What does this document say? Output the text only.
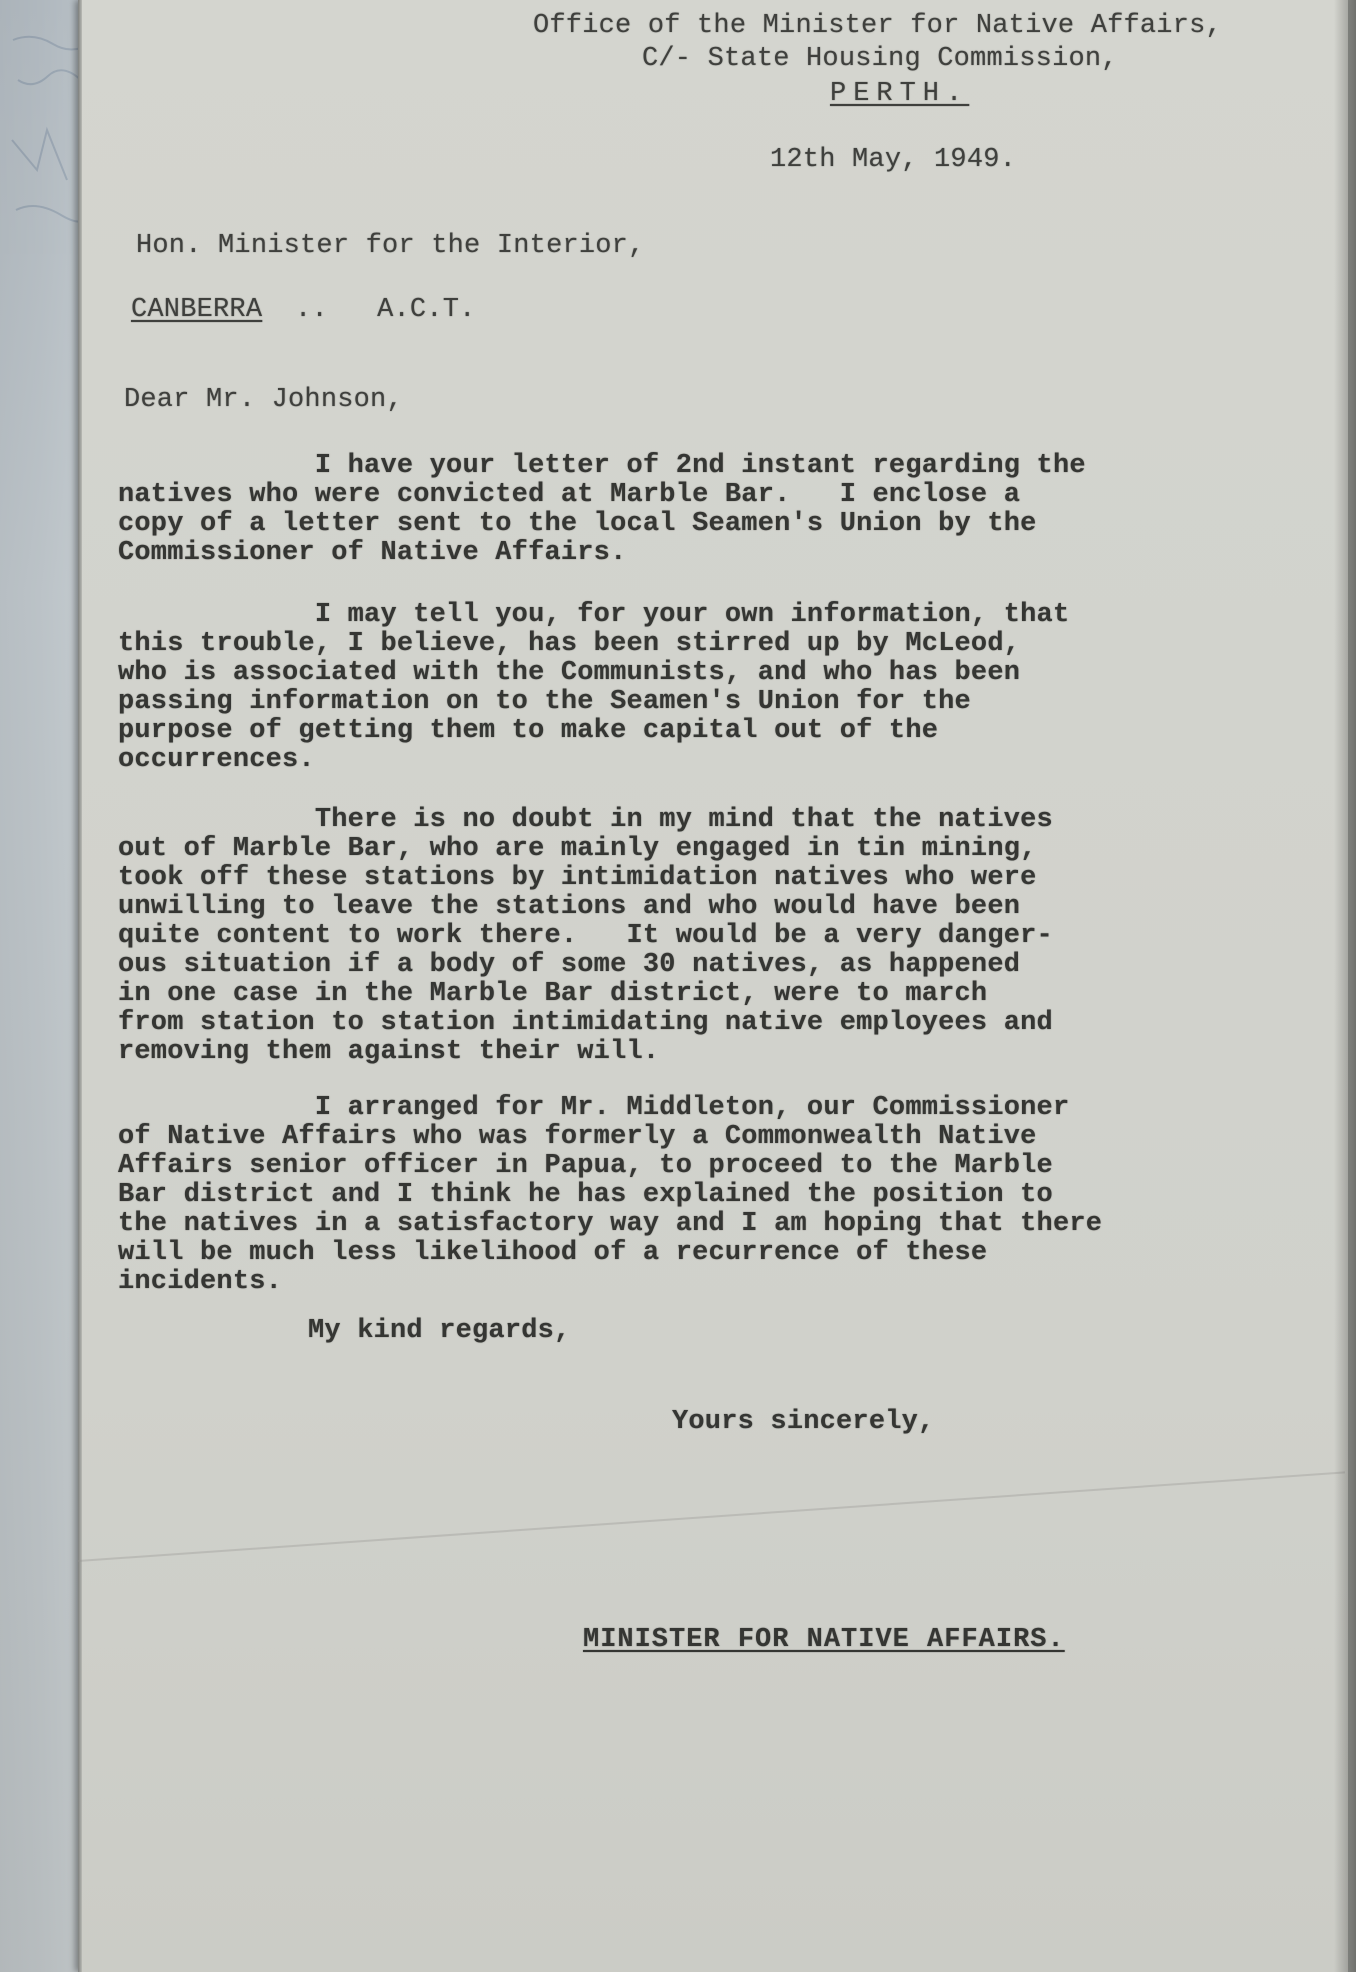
Office of the Minister for Native Affairs,
C/- State Housing Commission,
PERTH.
12th May, 1949.
Hon. Minister for the Interior,
CANBERRA .. A.C.T.
Dear Mr. Johnson,
I have your letter of 2nd instant regarding the
natives who were convicted at Marble Bar.   I enclose a
copy of a letter sent to the local Seamen's Union by the
Commissioner of Native Affairs.
I may tell you, for your own information, that
this trouble, I believe, has been stirred up by McLeod,
who is associated with the Communists, and who has been
passing information on to the Seamen's Union for the
purpose of getting them to make capital out of the
occurrences.
There is no doubt in my mind that the natives
out of Marble Bar, who are mainly engaged in tin mining,
took off these stations by intimidation natives who were
unwilling to leave the stations and who would have been
quite content to work there.   It would be a very danger-
ous situation if a body of some 30 natives, as happened
in one case in the Marble Bar district, were to march
from station to station intimidating native employees and
removing them against their will.
I arranged for Mr. Middleton, our Commissioner
of Native Affairs who was formerly a Commonwealth Native
Affairs senior officer in Papua, to proceed to the Marble
Bar district and I think he has explained the position to
the natives in a satisfactory way and I am hoping that there
will be much less likelihood of a recurrence of these
incidents.
My kind regards,
Yours sincerely,
MINISTER FOR NATIVE AFFAIRS.
